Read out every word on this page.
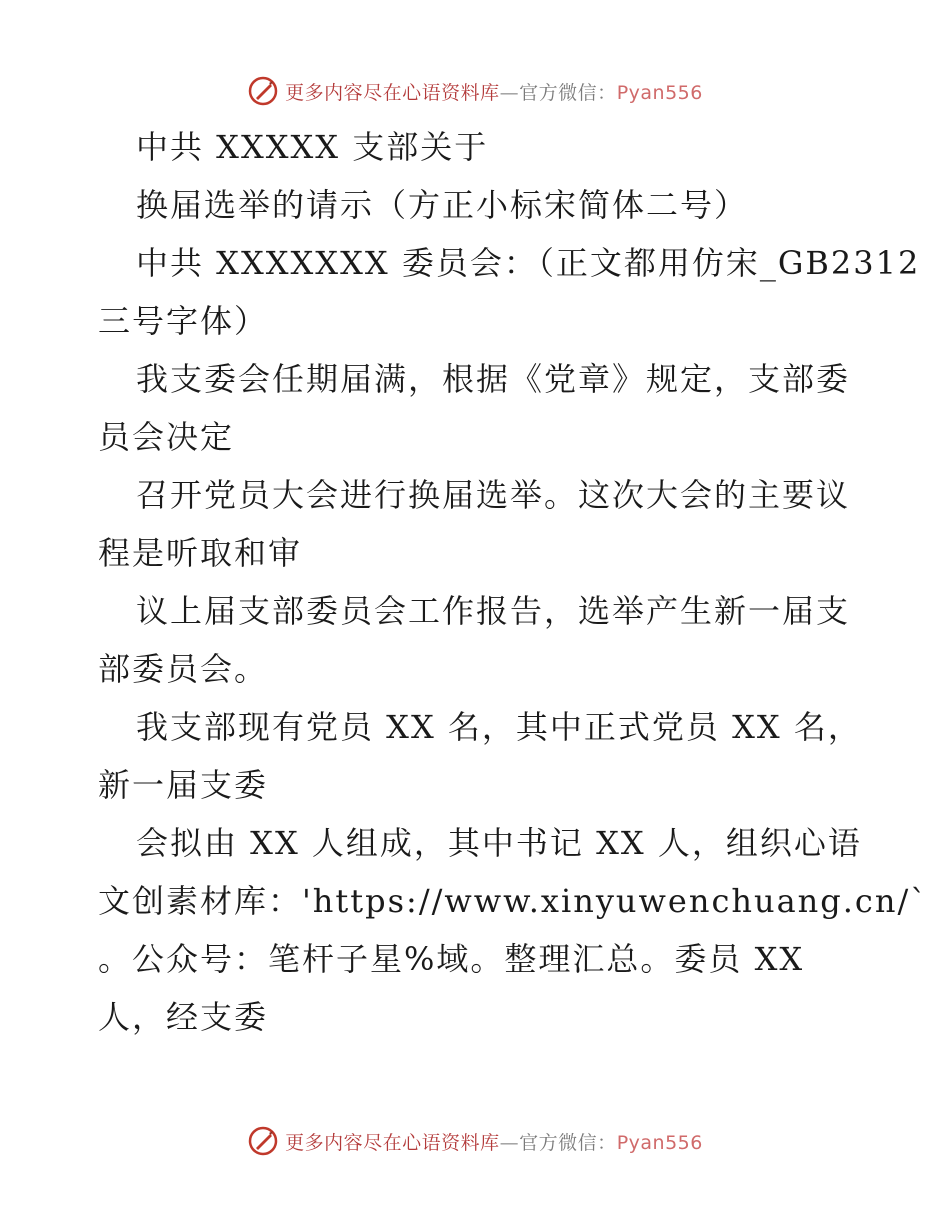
更多内容尽在心语资料库—官方微信：Pyan556
中共 XXXXX 支部关于
换届选举的请示（方正小标宋简体二号）
中共 XXXXXXX 委员会：（正文都用仿宋_GB2312
三号字体）
我支委会任期届满，根据《党章》规定，支部委
员会决定
召开党员大会进行换届选举。这次大会的主要议
程是听取和审
议上届支部委员会工作报告，选举产生新一届支
部委员会。
我支部现有党员 XX 名，其中正式党员 XX 名，
新一届支委
会拟由 XX 人组成，其中书记 XX 人，组织心语
文创素材库：'https://www.xinyuwenchuang.cn/`
。公众号：笔杆子星%域。整理汇总。委员 XX
人，经支委
更多内容尽在心语资料库—官方微信：Pyan556
